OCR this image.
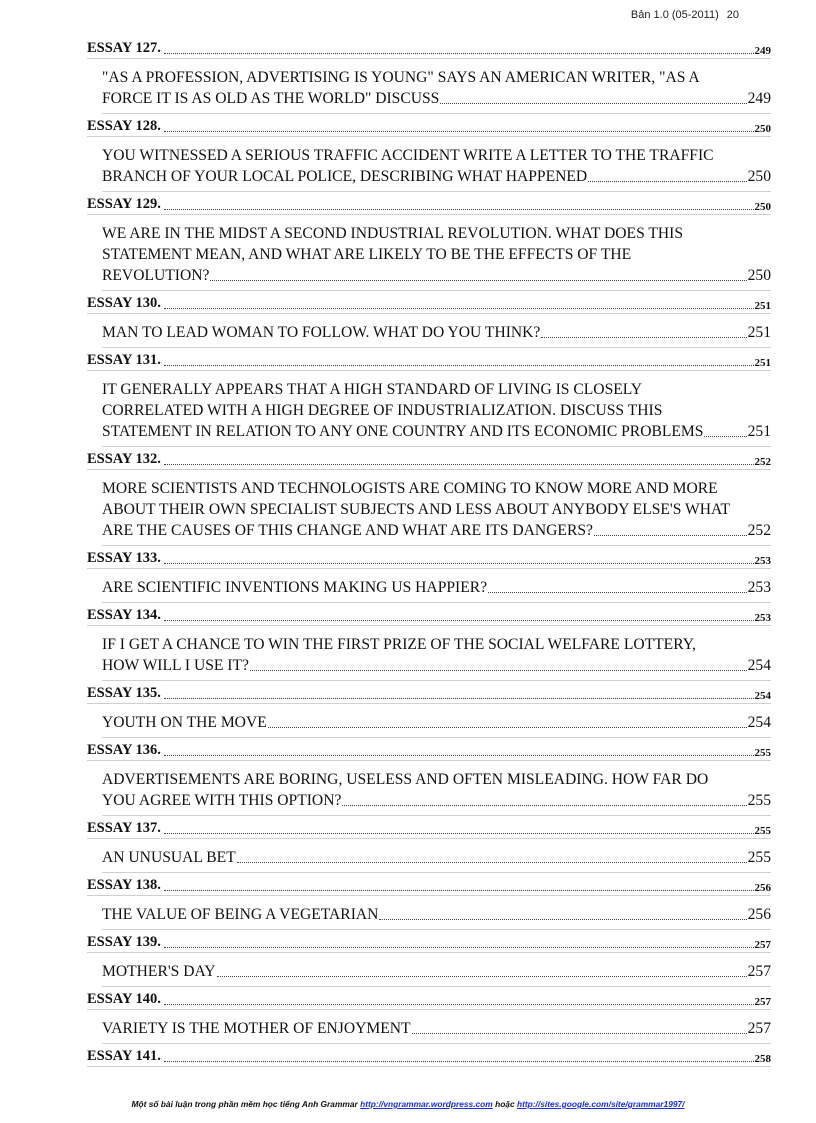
Bản 1.0 (05-2011) 20
ESSAY 127.	249
"AS A PROFESSION, ADVERTISING IS YOUNG" SAYS AN AMERICAN WRITER, "AS A
FORCE IT IS AS OLD AS THE WORLD" DISCUSS	249
ESSAY 128.	250
YOU WITNESSED A SERIOUS TRAFFIC ACCIDENT WRITE A LETTER TO THE TRAFFIC
BRANCH OF YOUR LOCAL POLICE, DESCRIBING WHAT HAPPENED	250
ESSAY 129.	250
WE ARE IN THE MIDST A SECOND INDUSTRIAL REVOLUTION. WHAT DOES THIS
STATEMENT MEAN, AND WHAT ARE LIKELY TO BE THE EFFECTS OF THE
REVOLUTION?	250
ESSAY 130.	251
MAN TO LEAD WOMAN TO FOLLOW. WHAT DO YOU THINK?	251
ESSAY 131.	251
IT GENERALLY APPEARS THAT A HIGH STANDARD OF LIVING IS CLOSELY
CORRELATED WITH A HIGH DEGREE OF INDUSTRIALIZATION. DISCUSS THIS
STATEMENT IN RELATION TO ANY ONE COUNTRY AND ITS ECONOMIC PROBLEMS	251
ESSAY 132.	252
MORE SCIENTISTS AND TECHNOLOGISTS ARE COMING TO KNOW MORE AND MORE
ABOUT THEIR OWN SPECIALIST SUBJECTS AND LESS ABOUT ANYBODY ELSE'S WHAT
ARE THE CAUSES OF THIS CHANGE AND WHAT ARE ITS DANGERS?	252
ESSAY 133.	253
ARE SCIENTIFIC INVENTIONS MAKING US HAPPIER?	253
ESSAY 134.	253
IF I GET A CHANCE TO WIN THE FIRST PRIZE OF THE SOCIAL WELFARE LOTTERY,
HOW WILL I USE IT?	254
ESSAY 135.	254
YOUTH ON THE MOVE	254
ESSAY 136.	255
ADVERTISEMENTS ARE BORING, USELESS AND OFTEN MISLEADING. HOW FAR DO
YOU AGREE WITH THIS OPTION?	255
ESSAY 137.	255
AN UNUSUAL BET	255
ESSAY 138.	256
THE VALUE OF BEING A VEGETARIAN	256
ESSAY 139.	257
MOTHER'S DAY	257
ESSAY 140.	257
VARIETY IS THE MOTHER OF ENJOYMENT	257
ESSAY 141.	258
Một số bài luận trong phần mềm học tiếng Anh Grammar http://vngrammar.wordpress.com hoặc http://sites.google.com/site/grammar1997/
